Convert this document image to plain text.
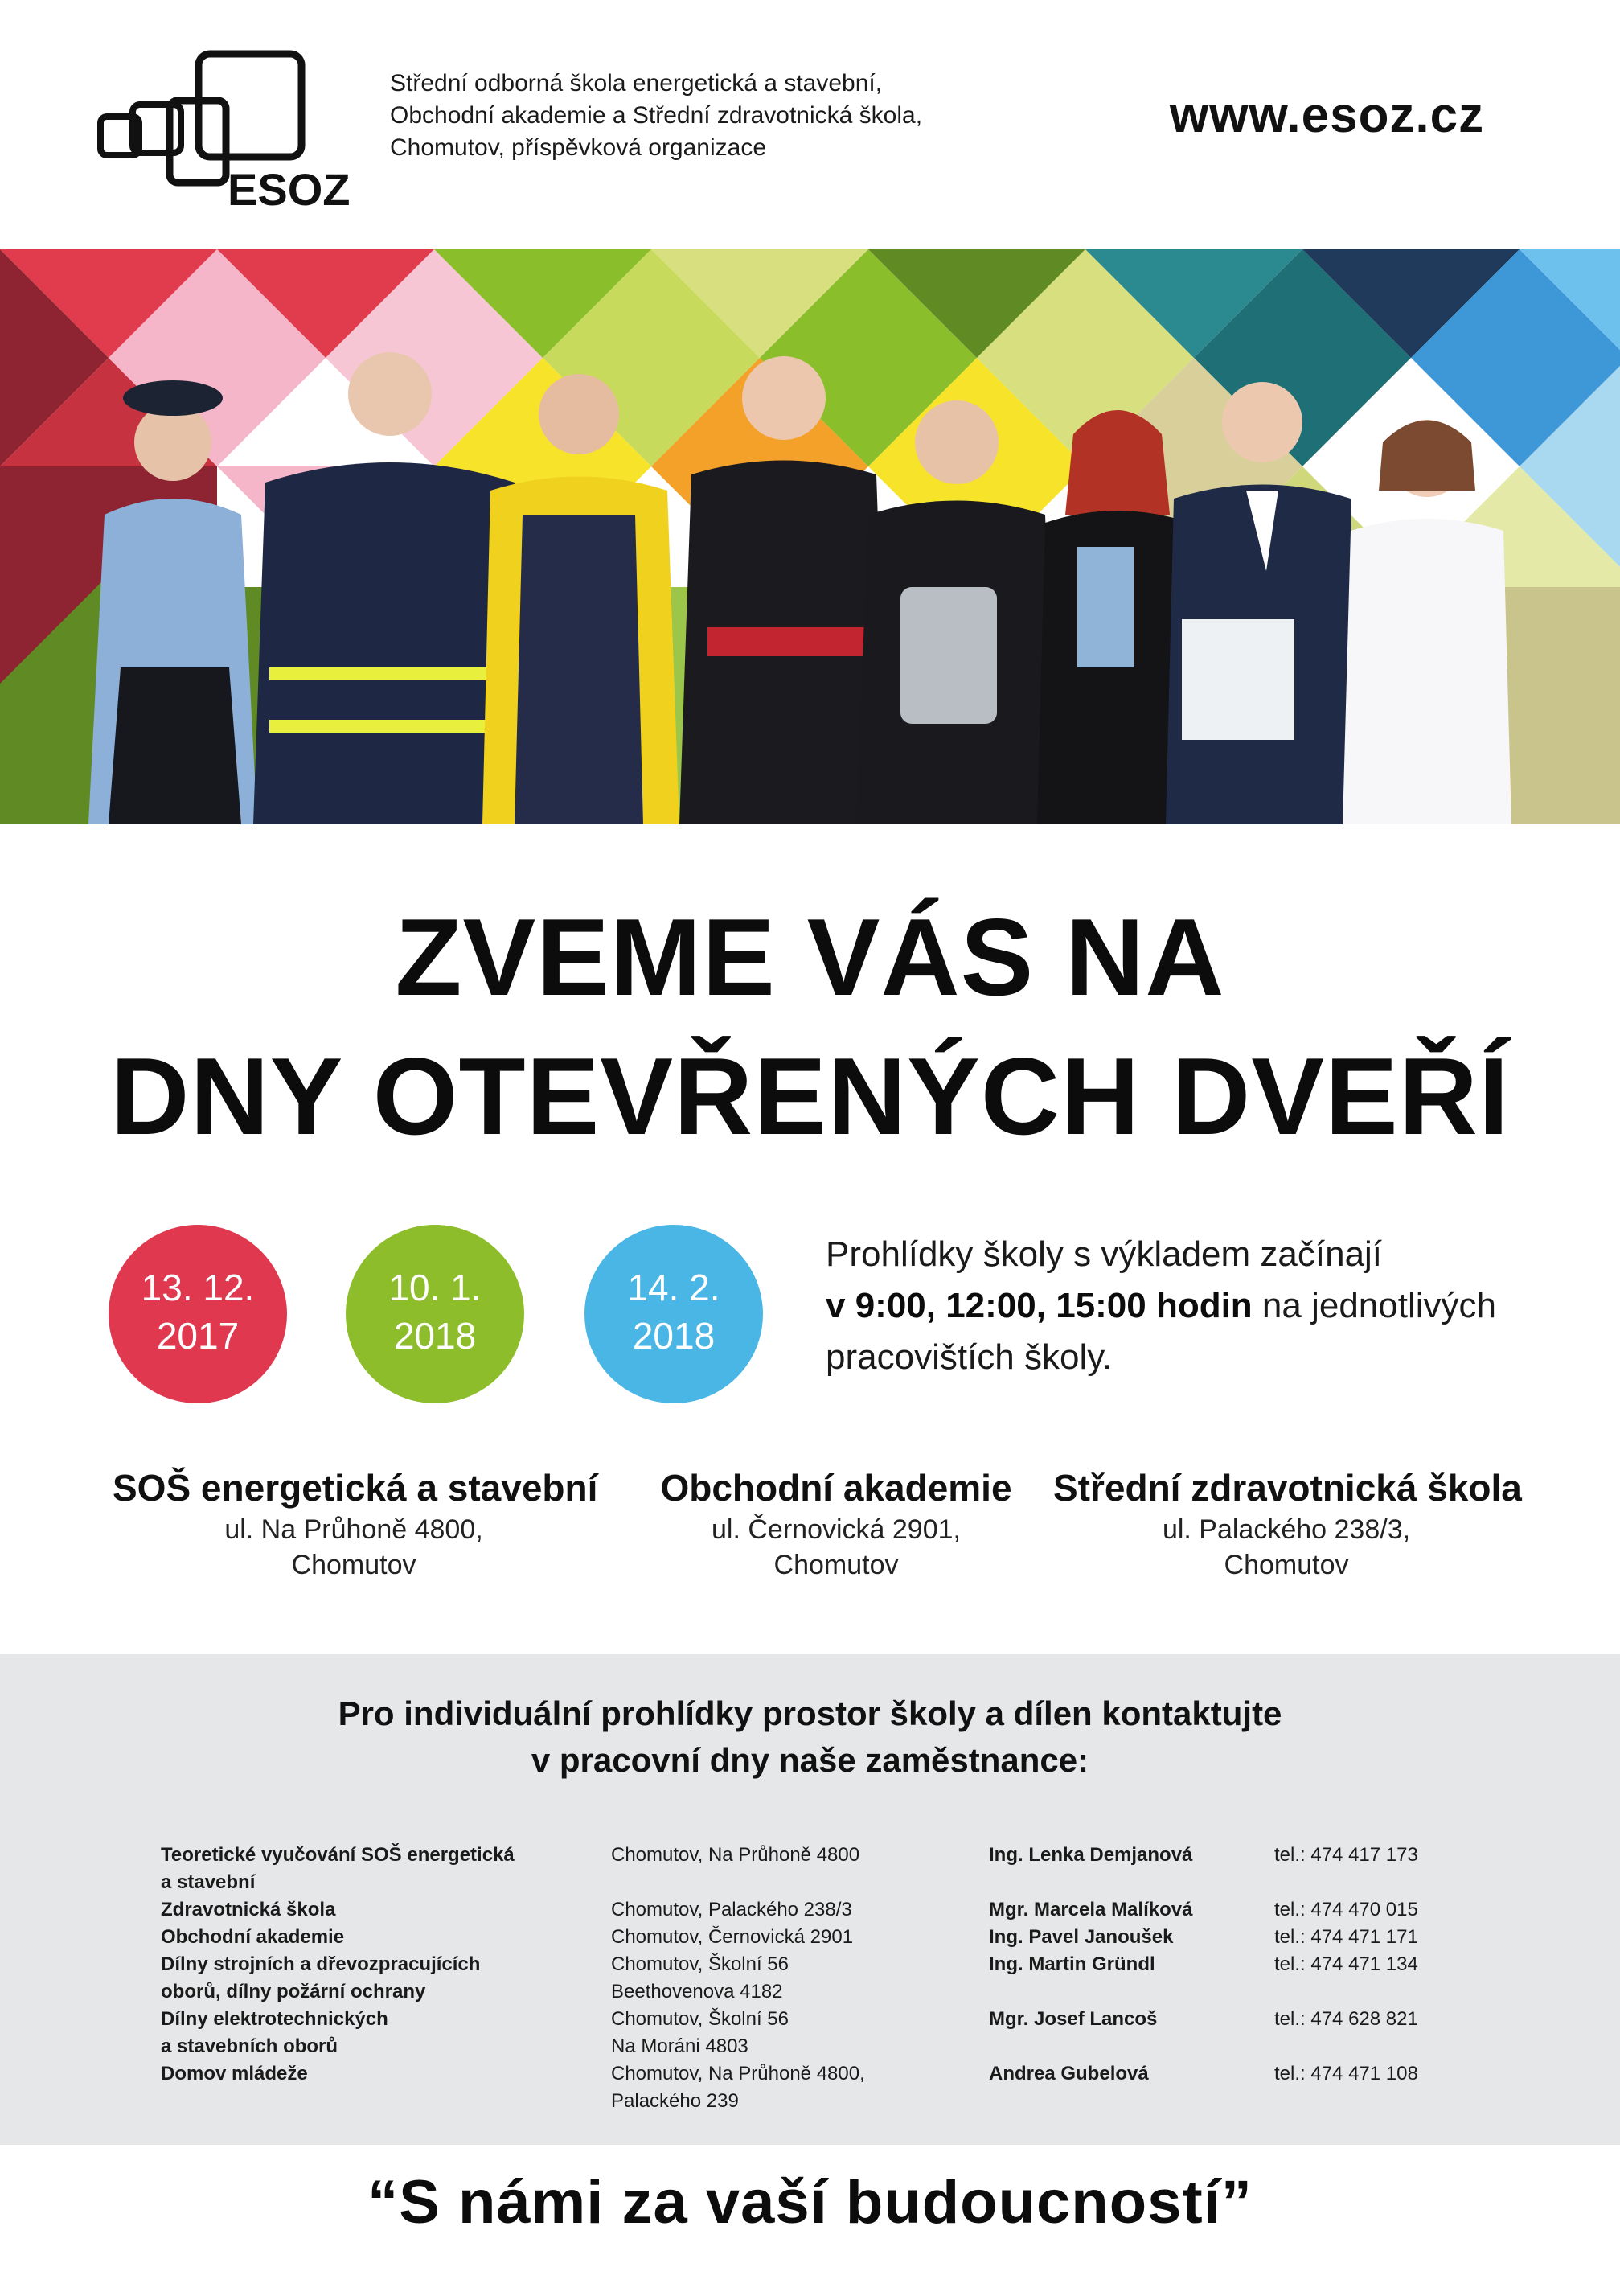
ESOZ
Střední odborná škola energetická a stavební,
Obchodní akademie a Střední zdravotnická škola,
Chomutov, příspěvková organizace
www.esoz.cz
ZVEME VÁS NA
DNY OTEVŘENÝCH DVEŘÍ
13. 12.
2017
10. 1.
2018
14. 2.
2018
Prohlídky školy s výkladem začínají
v 9:00, 12:00, 15:00 hodin na jednotlivých
pracovištích školy.
SOŠ energetická a stavební
ul. Na Průhoně 4800,
Chomutov
Obchodní akademie
ul. Černovická 2901,
Chomutov
Střední zdravotnická škola
ul. Palackého 238/3,
Chomutov
Pro individuální prohlídky prostor školy a dílen kontaktujte
v pracovní dny naše zaměstnance:
Teoretické vyučování SOŠ energetická
a stavební
Zdravotnická škola
Obchodní akademie
Dílny strojních a dřevozpracujících
oborů, dílny požární ochrany
Dílny elektrotechnických
a stavebních oborů
Domov mládeže
Chomutov, Na Průhoně 4800
Chomutov, Palackého 238/3
Chomutov, Černovická 2901
Chomutov, Školní 56
Beethovenova 4182
Chomutov, Školní 56
Na Moráni 4803
Chomutov, Na Průhoně 4800,
Palackého 239
Ing. Lenka Demjanová
Mgr. Marcela Malíková
Ing. Pavel Janoušek
Ing. Martin Gründl
Mgr. Josef Lancoš
Andrea Gubelová
tel.: 474 417 173
tel.: 474 470 015
tel.: 474 471 171
tel.: 474 471 134
tel.: 474 628 821
tel.: 474 471 108
“S námi za vaší budoucností”
